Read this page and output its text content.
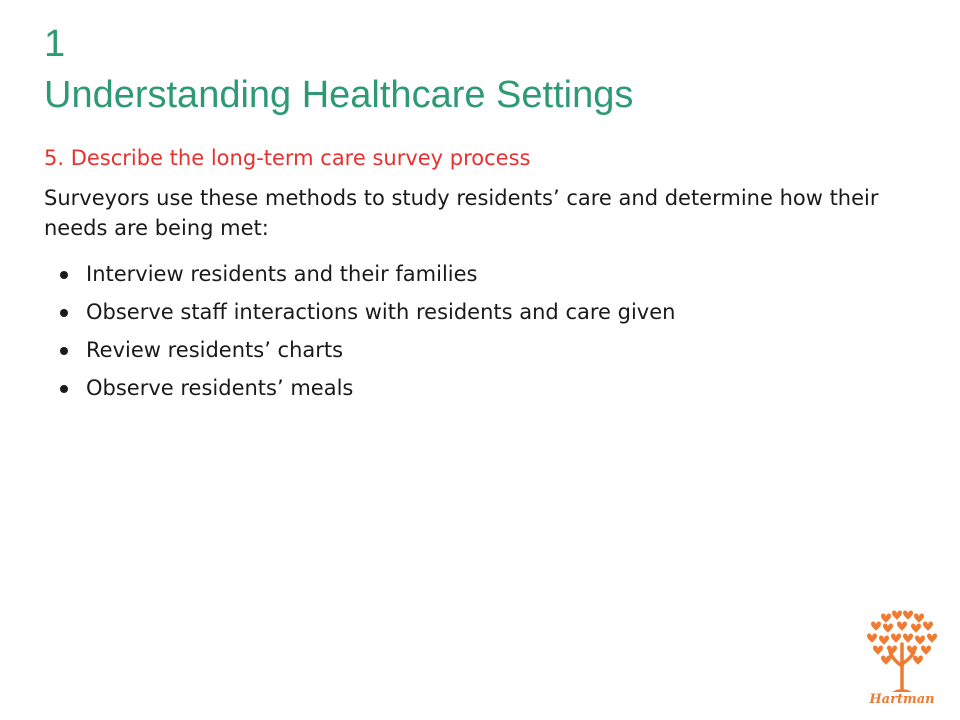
1
Understanding Healthcare Settings
5. Describe the long-term care survey process
Surveyors use these methods to study residents’ care and determine how their needs are being met:
Interview residents and their families
Observe staff interactions with residents and care given
Review residents’ charts
Observe residents’ meals
Hartman
